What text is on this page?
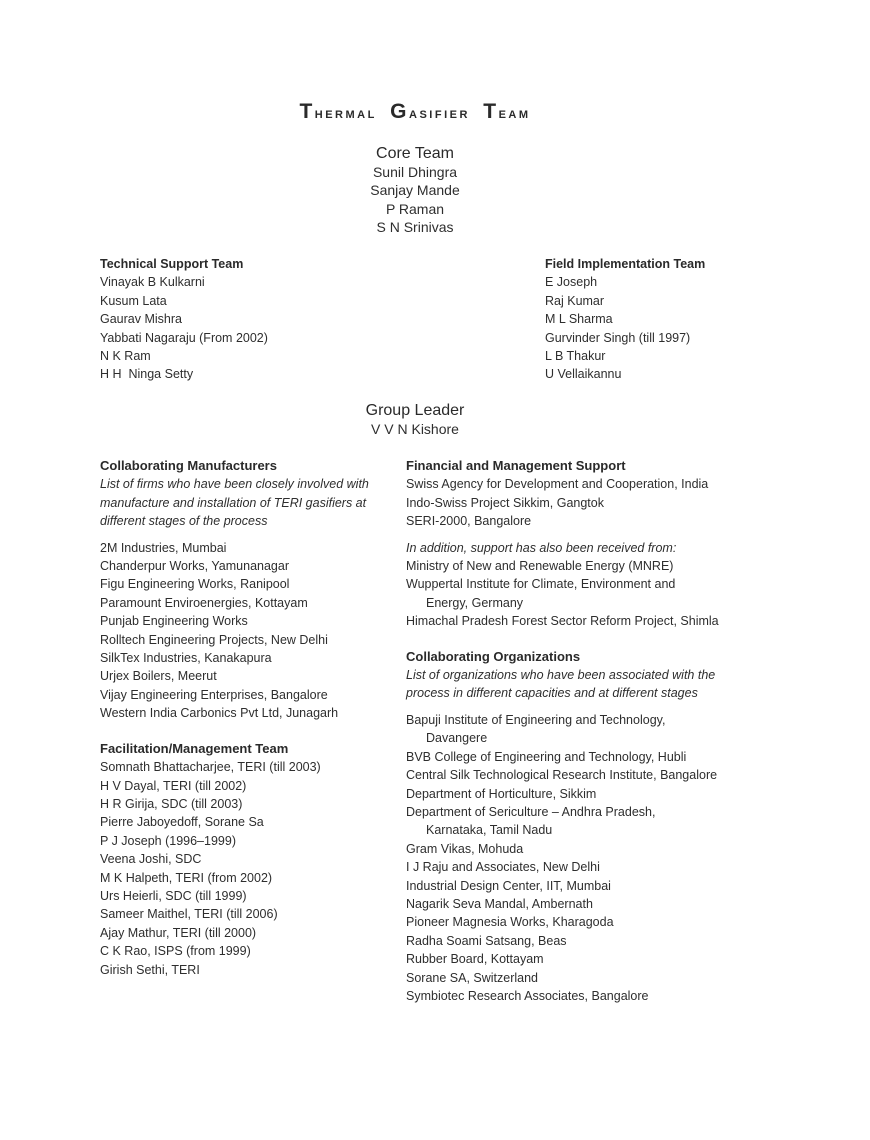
Thermal Gasifier Team
Core Team
Sunil Dhingra
Sanjay Mande
P Raman
S N Srinivas
Technical Support Team
Vinayak B Kulkarni
Kusum Lata
Gaurav Mishra
Yabbati Nagaraju (From 2002)
N K Ram
H H  Ninga Setty
Field Implementation Team
E Joseph
Raj Kumar
M L Sharma
Gurvinder Singh (till 1997)
L B Thakur
U Vellaikannu
Group Leader
V V N Kishore
Collaborating Manufacturers
List of firms who have been closely involved with
manufacture and installation of TERI gasifiers at
different stages of the process
2M Industries, Mumbai
Chanderpur Works, Yamunanagar
Figu Engineering Works, Ranipool
Paramount Enviroenergies, Kottayam
Punjab Engineering Works
Rolltech Engineering Projects, New Delhi
SilkTex Industries, Kanakapura
Urjex Boilers, Meerut
Vijay Engineering Enterprises, Bangalore
Western India Carbonics Pvt Ltd, Junagarh
Facilitation/Management Team
Somnath Bhattacharjee, TERI (till 2003)
H V Dayal, TERI (till 2002)
H R Girija, SDC (till 2003)
Pierre Jaboyedoff, Sorane Sa
P J Joseph (1996–1999)
Veena Joshi, SDC
M K Halpeth, TERI (from 2002)
Urs Heierli, SDC (till 1999)
Sameer Maithel, TERI (till 2006)
Ajay Mathur, TERI (till 2000)
C K Rao, ISPS (from 1999)
Girish Sethi, TERI
Financial and Management Support
Swiss Agency for Development and Cooperation, India
Indo-Swiss Project Sikkim, Gangtok
SERI-2000, Bangalore
In addition, support has also been received from:
Ministry of New and Renewable Energy (MNRE)
Wuppertal Institute for Climate, Environment and
Energy, Germany
Himachal Pradesh Forest Sector Reform Project, Shimla
Collaborating Organizations
List of organizations who have been associated with the
process in different capacities and at different stages
Bapuji Institute of Engineering and Technology,
Davangere
BVB College of Engineering and Technology, Hubli
Central Silk Technological Research Institute, Bangalore
Department of Horticulture, Sikkim
Department of Sericulture – Andhra Pradesh,
Karnataka, Tamil Nadu
Gram Vikas, Mohuda
I J Raju and Associates, New Delhi
Industrial Design Center, IIT, Mumbai
Nagarik Seva Mandal, Ambernath
Pioneer Magnesia Works, Kharagoda
Radha Soami Satsang, Beas
Rubber Board, Kottayam
Sorane SA, Switzerland
Symbiotec Research Associates, Bangalore
